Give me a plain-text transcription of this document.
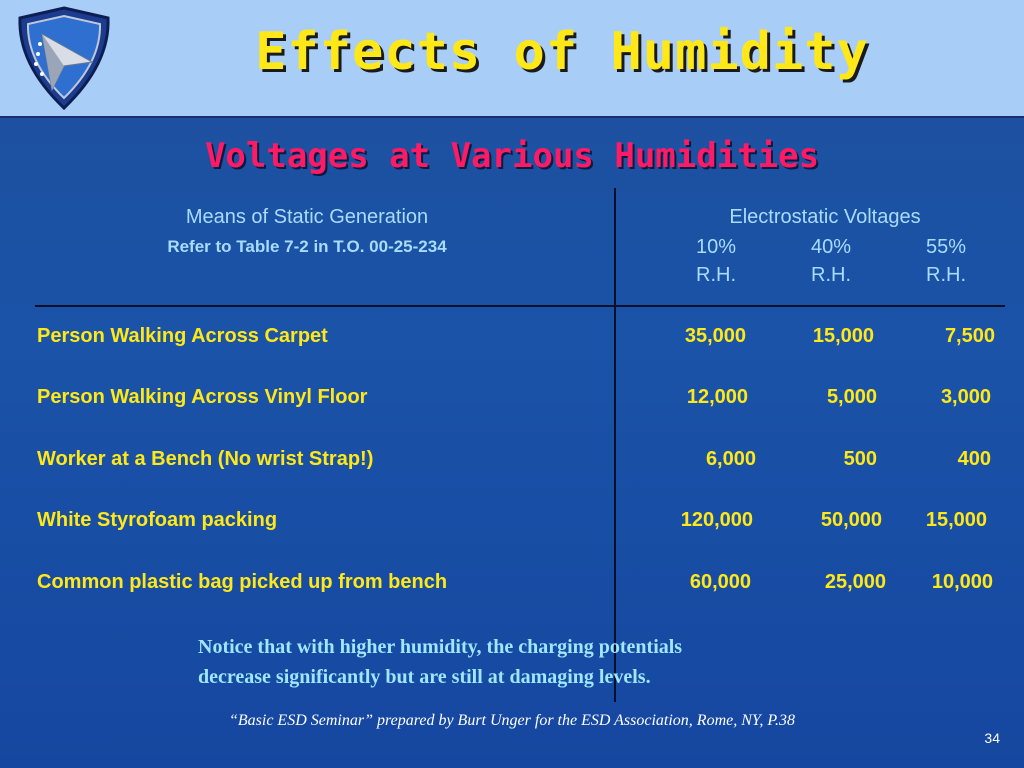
Effects of Humidity
Voltages at Various Humidities
Means of Static Generation
Refer to Table 7-2 in T.O. 00-25-234
Electrostatic Voltages
10%
R.H.
40%
R.H.
55%
R.H.
Person Walking Across Carpet	35,000	15,000	7,500
Person Walking Across Vinyl Floor	12,000	5,000	3,000
Worker at a Bench (No wrist Strap!)	6,000	500	400
White Styrofoam packing	120,000	50,000	15,000
Common plastic bag picked up from bench	60,000	25,000	10,000
Notice that with higher humidity, the charging potentials
decrease significantly but are still at damaging levels.
“Basic ESD Seminar” prepared by Burt Unger for the ESD Association, Rome, NY, P.38
34
